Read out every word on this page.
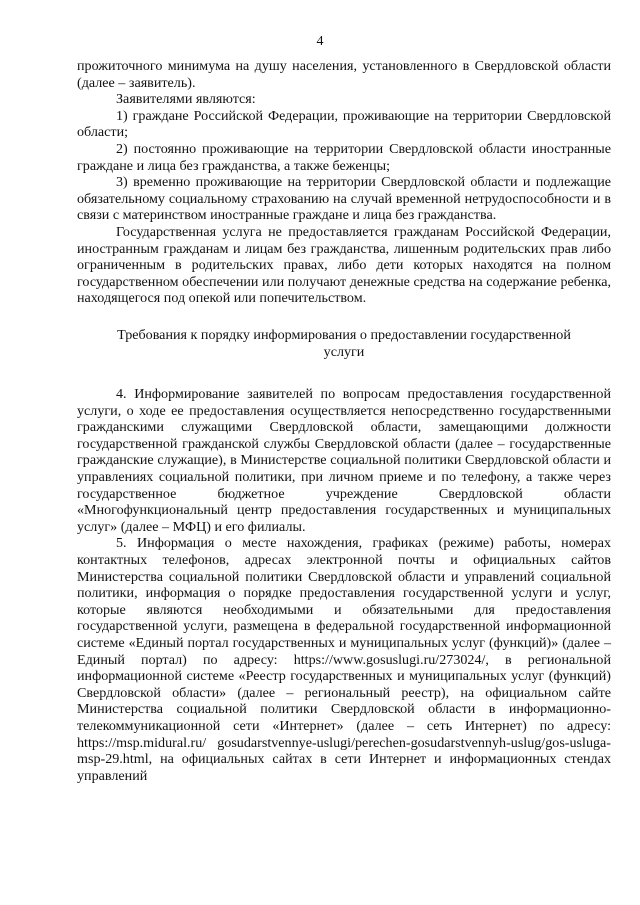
4

прожиточного минимума на душу населения, установленного в Свердловской области (далее – заявитель).

Заявителями являются:

1) граждане Российской Федерации, проживающие на территории Свердловской области;

2) постоянно проживающие на территории Свердловской области иностранные граждане и лица без гражданства, а также беженцы;

3) временно проживающие на территории Свердловской области и подлежащие обязательному социальному страхованию на случай временной нетрудоспособности и в связи с материнством иностранные граждане и лица без гражданства.

Государственная услуга не предоставляется гражданам Российской Федерации, иностранным гражданам и лицам без гражданства, лишенным родительских прав либо ограниченным в родительских правах, либо дети которых находятся на полном государственном обеспечении или получают денежные средства на содержание ребенка, находящегося под опекой или попечительством.

Требования к порядку информирования о предоставлении государственной услуги

4. Информирование заявителей по вопросам предоставления государственной услуги, о ходе ее предоставления осуществляется непосредственно государственными гражданскими служащими Свердловской области, замещающими должности государственной гражданской службы Свердловской области (далее – государственные гражданские служащие), в Министерстве социальной политики Свердловской области и управлениях социальной политики, при личном приеме и по телефону, а также через государственное бюджетное учреждение Свердловской области «Многофункциональный центр предоставления государственных и муниципальных услуг» (далее – МФЦ) и его филиалы.

5. Информация о месте нахождения, графиках (режиме) работы, номерах контактных телефонов, адресах электронной почты и официальных сайтов Министерства социальной политики Свердловской области и управлений социальной политики, информация о порядке предоставления государственной услуги и услуг, которые являются необходимыми и обязательными для предоставления государственной услуги, размещена в федеральной государственной информационной системе «Единый портал государственных и муниципальных услуг (функций)» (далее – Единый портал) по адресу: https://www.gosuslugi.ru/273024/, в региональной информационной системе «Реестр государственных и муниципальных услуг (функций) Свердловской области» (далее – региональный реестр), на официальном сайте Министерства социальной политики Свердловской области в информационно-телекоммуникационной сети «Интернет» (далее – сеть Интернет) по адресу: https://msp.midural.ru/ gosudarstvennye-uslugi/perechen-gosudarstvennyh-uslug/gos-usluga-msp-29.html, на официальных сайтах в сети Интернет и информационных стендах управлений
